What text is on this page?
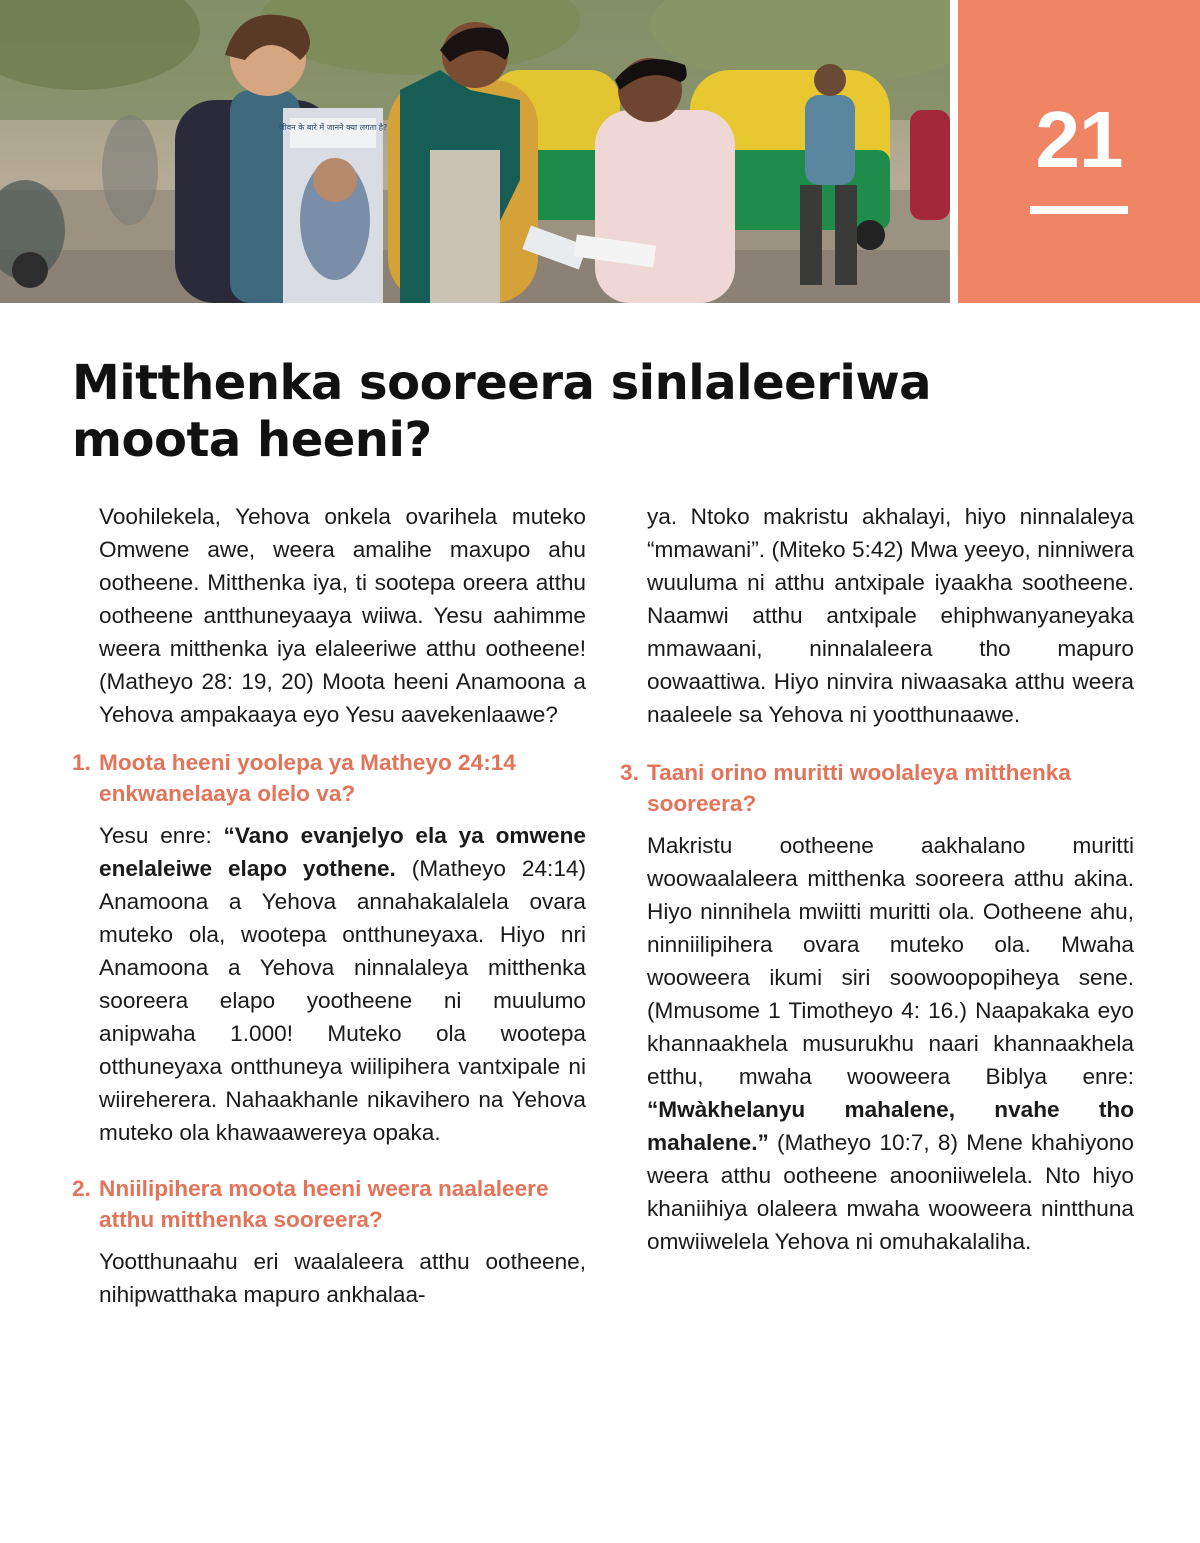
जीवन के बारे में जानने क्या लगता है?	21
Mitthenka sooreera sinlaleeriwa moota heeni?

Voohilekela, Yehova onkela ovarihela muteko Omwene awe, weera amalihe maxupo ahu ootheene. Mitthenka iya, ti sootepa oreera atthu ootheene antthuneyaaya wiiwa. Yesu aahimme weera mitthenka iya elaleeriwe atthu ootheene! (Matheyo 28: 19, 20) Moota heeni Anamoona a Yehova ampakaaya eyo Yesu aavekenlaawe?

1. Moota heeni yoolepa ya Matheyo 24:14 enkwanelaaya olelo va?

Yesu enre: “Vano evanjelyo ela ya omwene enelaleiwe elapo yothene. (Matheyo 24:14) Anamoona a Yehova annahakalalela ovara muteko ola, wootepa ontthuneyaxa. Hiyo nri Anamoona a Yehova ninnalaleya mitthenka sooreera elapo yootheene ni muulumo anipwaha 1.000! Muteko ola wootepa otthuneyaxa ontthuneya wiilipihera vantxipale ni wiireherera. Nahaakhanle nikavihero na Yehova muteko ola khawaawereya opaka.

2. Nniilipihera moota heeni weera naalaleere atthu mitthenka sooreera?

Yootthunaahu eri waalaleera atthu ootheene, nihipwatthaka mapuro ankhalaa-

ya. Ntoko makristu akhalayi, hiyo ninnalaleya “mmawani”. (Miteko 5:42) Mwa yeeyo, ninniwera wuuluma ni atthu antxipale iyaakha sootheene. Naamwi atthu antxipale ehiphwanyaneyaka mmawaani, ninnalaleera tho mapuro oowaattiwa. Hiyo ninvira niwaasaka atthu weera naaleele sa Yehova ni yootthunaawe.

3. Taani orino muritti woolaleya mitthenka sooreera?

Makristu ootheene aakhalano muritti woowaalaleera mitthenka sooreera atthu akina. Hiyo ninnihela mwiitti muritti ola. Ootheene ahu, ninniilipihera ovara muteko ola. Mwaha wooweera ikumi siri soowoopopiheya sene. (Mmusome 1 Timotheyo 4: 16.) Naapakaka eyo khannaakhela musurukhu naari khannaakhela etthu, mwaha wooweera Biblya enre: “Mwàkhelanyu mahalene, nvahe tho mahalene.” (Matheyo 10:7, 8) Mene khahiyono weera atthu ootheene anooniiwelela. Nto hiyo khaniihiya olaleera mwaha wooweera nintthuna omwiiwelela Yehova ni omuhakalaliha.
